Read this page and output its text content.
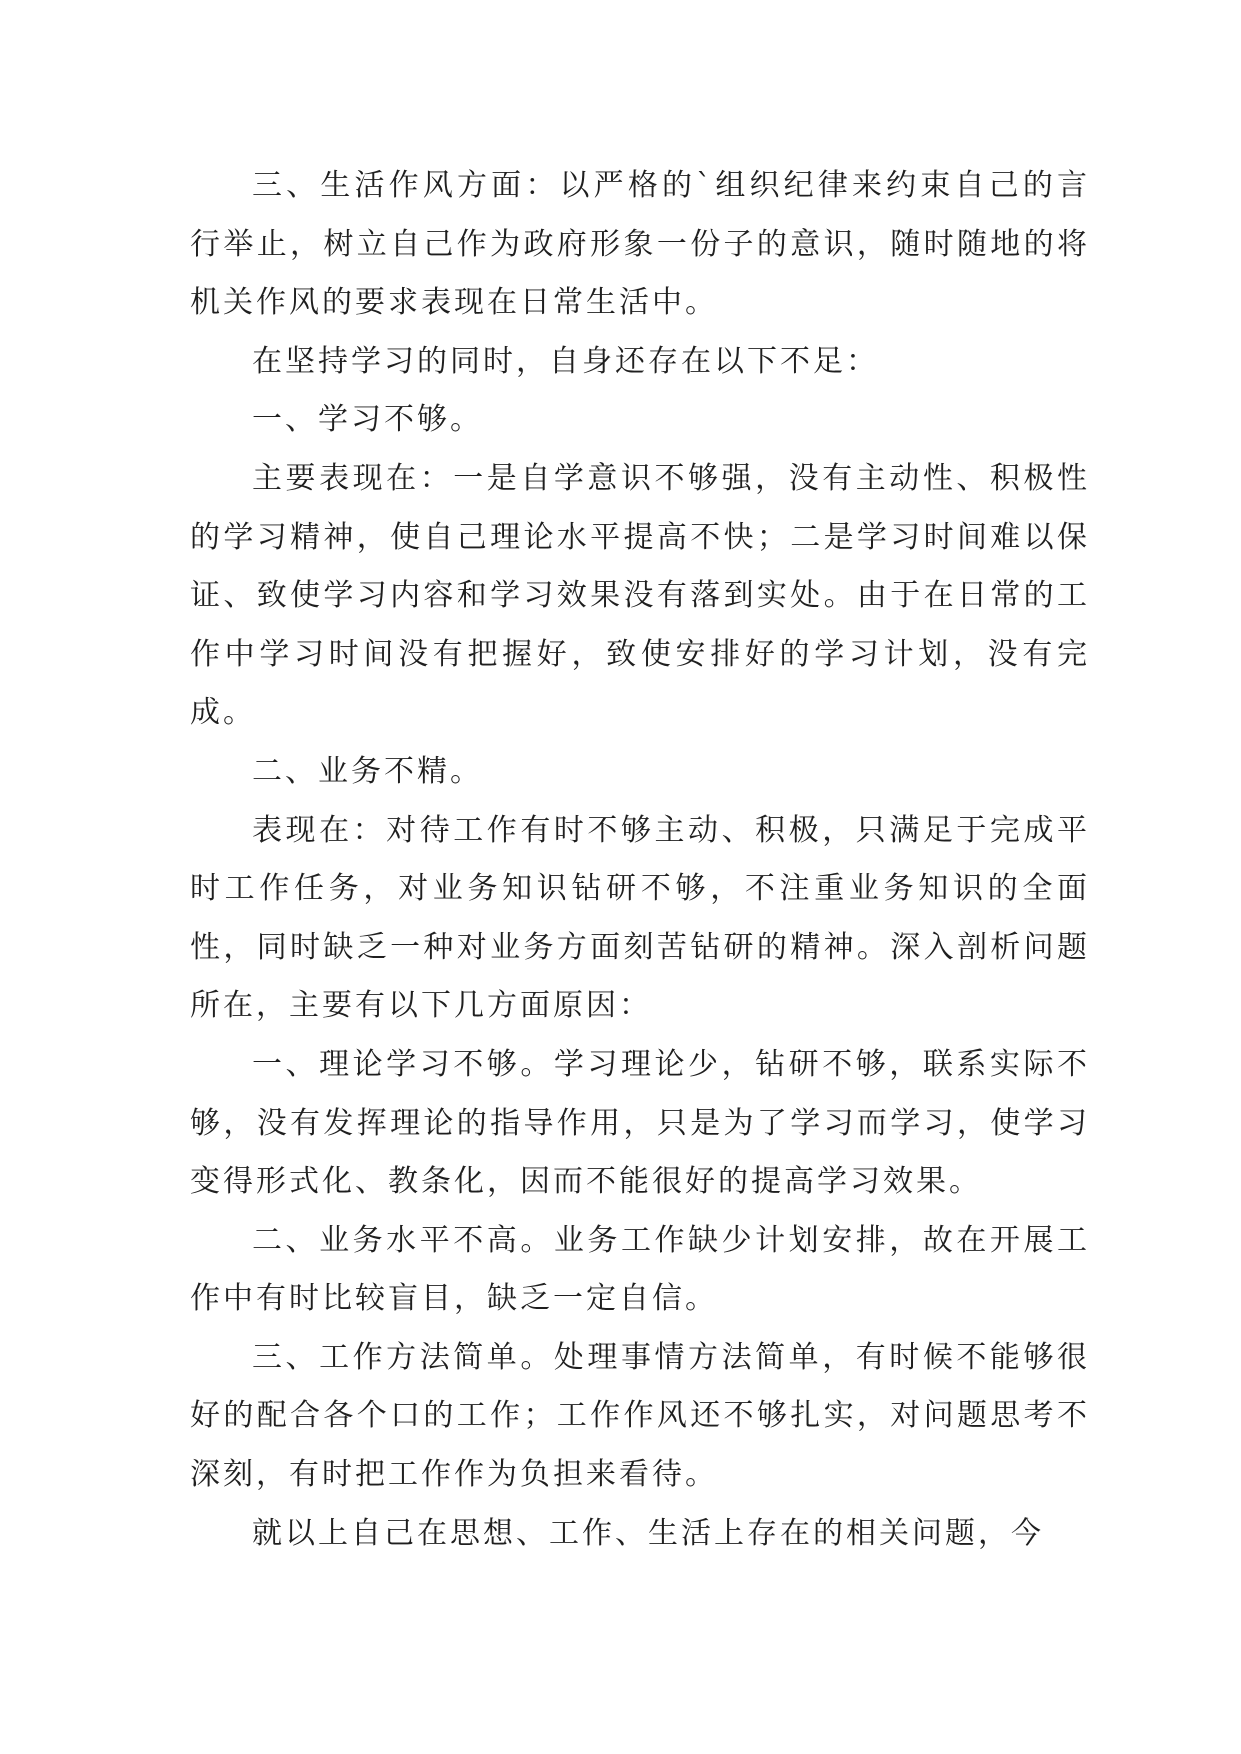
三、生活作风方面：以严格的`组织纪律来约束自己的言行举止，树立自己作为政府形象一份子的意识，随时随地的将机关作风的要求表现在日常生活中。

在坚持学习的同时，自身还存在以下不足：

一、学习不够。

主要表现在：一是自学意识不够强，没有主动性、积极性的学习精神，使自己理论水平提高不快；二是学习时间难以保证、致使学习内容和学习效果没有落到实处。由于在日常的工作中学习时间没有把握好，致使安排好的学习计划，没有完成。

二、业务不精。

表现在：对待工作有时不够主动、积极，只满足于完成平时工作任务，对业务知识钻研不够，不注重业务知识的全面性，同时缺乏一种对业务方面刻苦钻研的精神。深入剖析问题所在，主要有以下几方面原因：

一、理论学习不够。学习理论少，钻研不够，联系实际不够，没有发挥理论的指导作用，只是为了学习而学习，使学习变得形式化、教条化，因而不能很好的提高学习效果。

二、业务水平不高。业务工作缺少计划安排，故在开展工作中有时比较盲目，缺乏一定自信。

三、工作方法简单。处理事情方法简单，有时候不能够很好的配合各个口的工作；工作作风还不够扎实，对问题思考不深刻，有时把工作作为负担来看待。

就以上自己在思想、工作、生活上存在的相关问题，今
